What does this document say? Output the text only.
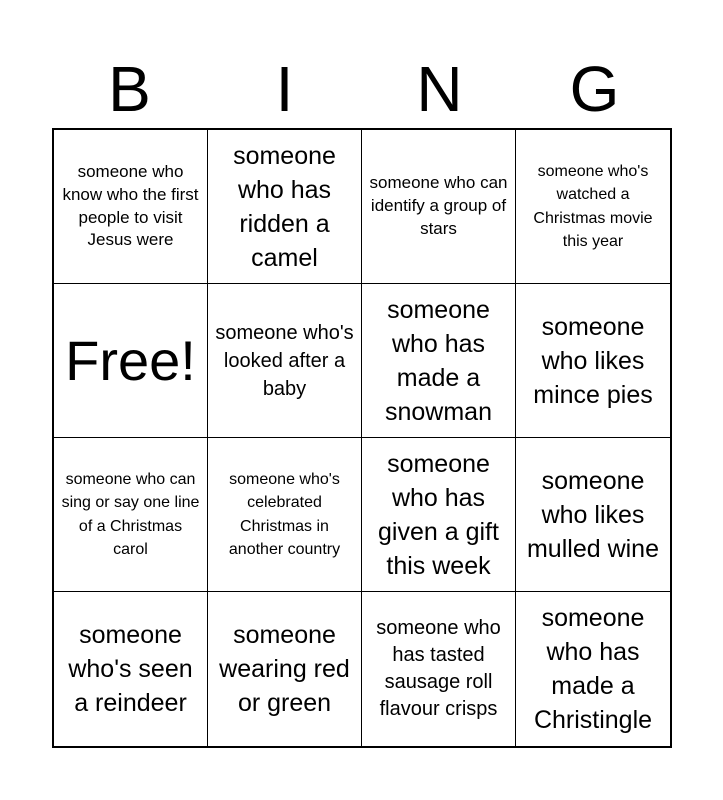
B	I	N	G
someone who know who the first people to visit Jesus were
someone who has ridden a camel
someone who can identify a group of stars
someone who's watched a Christmas movie this year
Free! someone who's looked after a baby
someone who has made a snowman
someone who likes mince pies
someone who can sing or say one line of a Christmas carol
someone who's celebrated Christmas in another country
someone who has given a gift this week
someone who likes mulled wine
someone who's seen a reindeer
someone wearing red or green
someone who has tasted sausage roll flavour crisps
someone who has made a Christingle
